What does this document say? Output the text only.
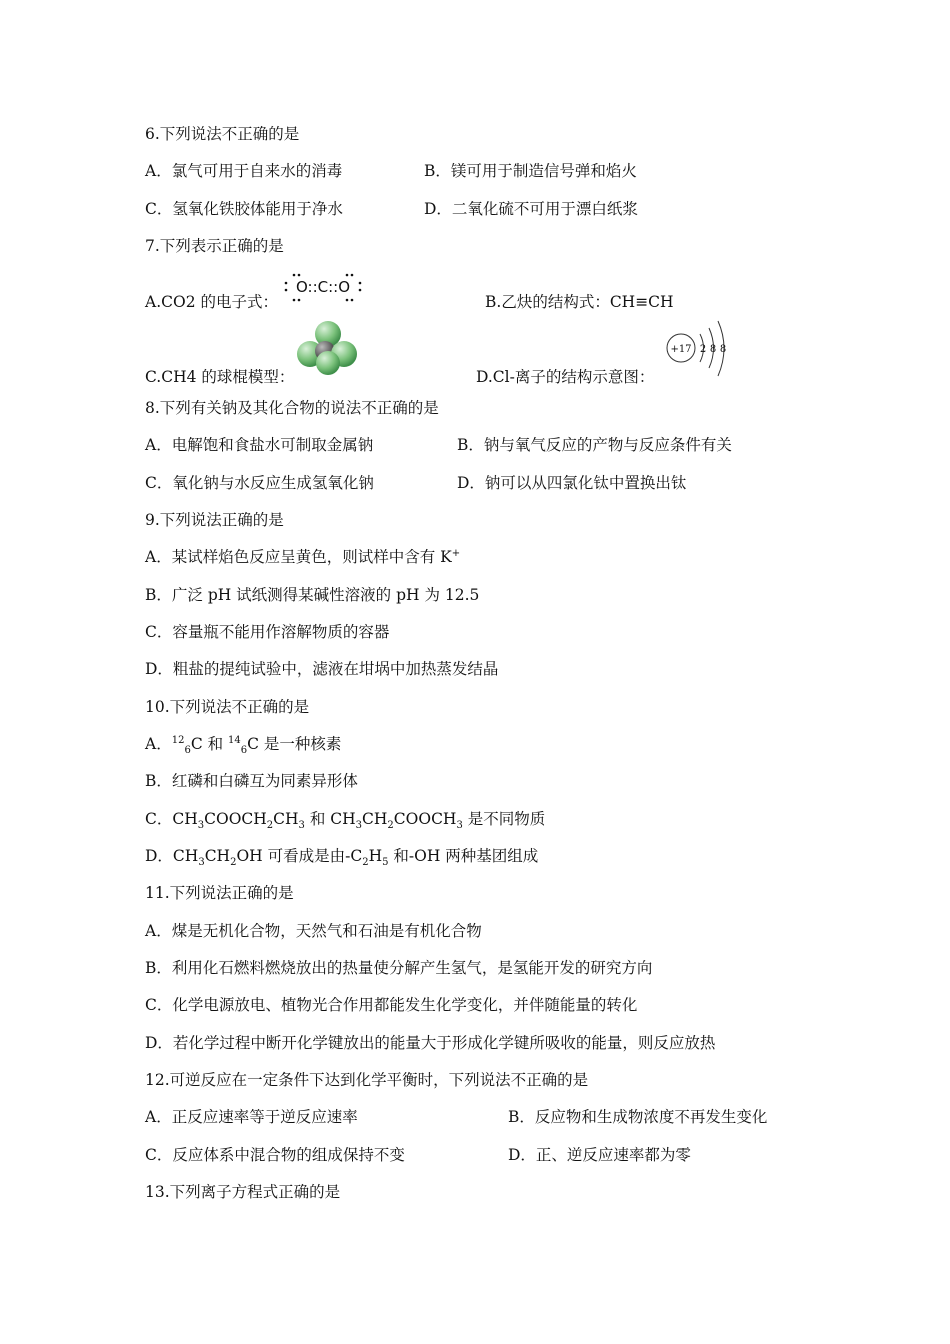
6.下列说法不正确的是
A．氯气可用于自来水的消毒	B．镁可用于制造信号弹和焰火
C．氢氧化铁胶体能用于净水	D．二氧化硫不可用于漂白纸浆
7.下列表示正确的是
A.CO2 的电子式：
O::C::O
B.乙炔的结构式：CH≡CH
C.CH4 的球棍模型：	D.Cl-离子的结构示意图：
+17 2 8 8
8.下列有关钠及其化合物的说法不正确的是
A．电解饱和食盐水可制取金属钠	B．钠与氧气反应的产物与反应条件有关
C．氧化钠与水反应生成氢氧化钠	D．钠可以从四氯化钛中置换出钛
9.下列说法正确的是
A．某试样焰色反应呈黄色，则试样中含有 K+
B．广泛 pH 试纸测得某碱性溶液的 pH 为 12.5
C．容量瓶不能用作溶解物质的容器
D．粗盐的提纯试验中，滤液在坩埚中加热蒸发结晶
10.下列说法不正确的是
A．$^{12}_6$C 和 $^{14}_6$C 是一种核素
B．红磷和白磷互为同素异形体
C．$CH_3COOCH_2CH_3$ 和 $CH_3CH_2COOCH_3$ 是不同物质
D．$CH_3CH_2OH$ 可看成是由$-C_2H_5$ 和-OH 两种基团组成
11.下列说法正确的是
A．煤是无机化合物，天然气和石油是有机化合物
B．利用化石燃料燃烧放出的热量使分解产生氢气，是氢能开发的研究方向
C．化学电源放电、植物光合作用都能发生化学变化，并伴随能量的转化
D．若化学过程中断开化学键放出的能量大于形成化学键所吸收的能量，则反应放热
12.可逆反应在一定条件下达到化学平衡时，下列说法不正确的是
A．正反应速率等于逆反应速率	B．反应物和生成物浓度不再发生变化
C．反应体系中混合物的组成保持不变	D．正、逆反应速率都为零
13.下列离子方程式正确的是
